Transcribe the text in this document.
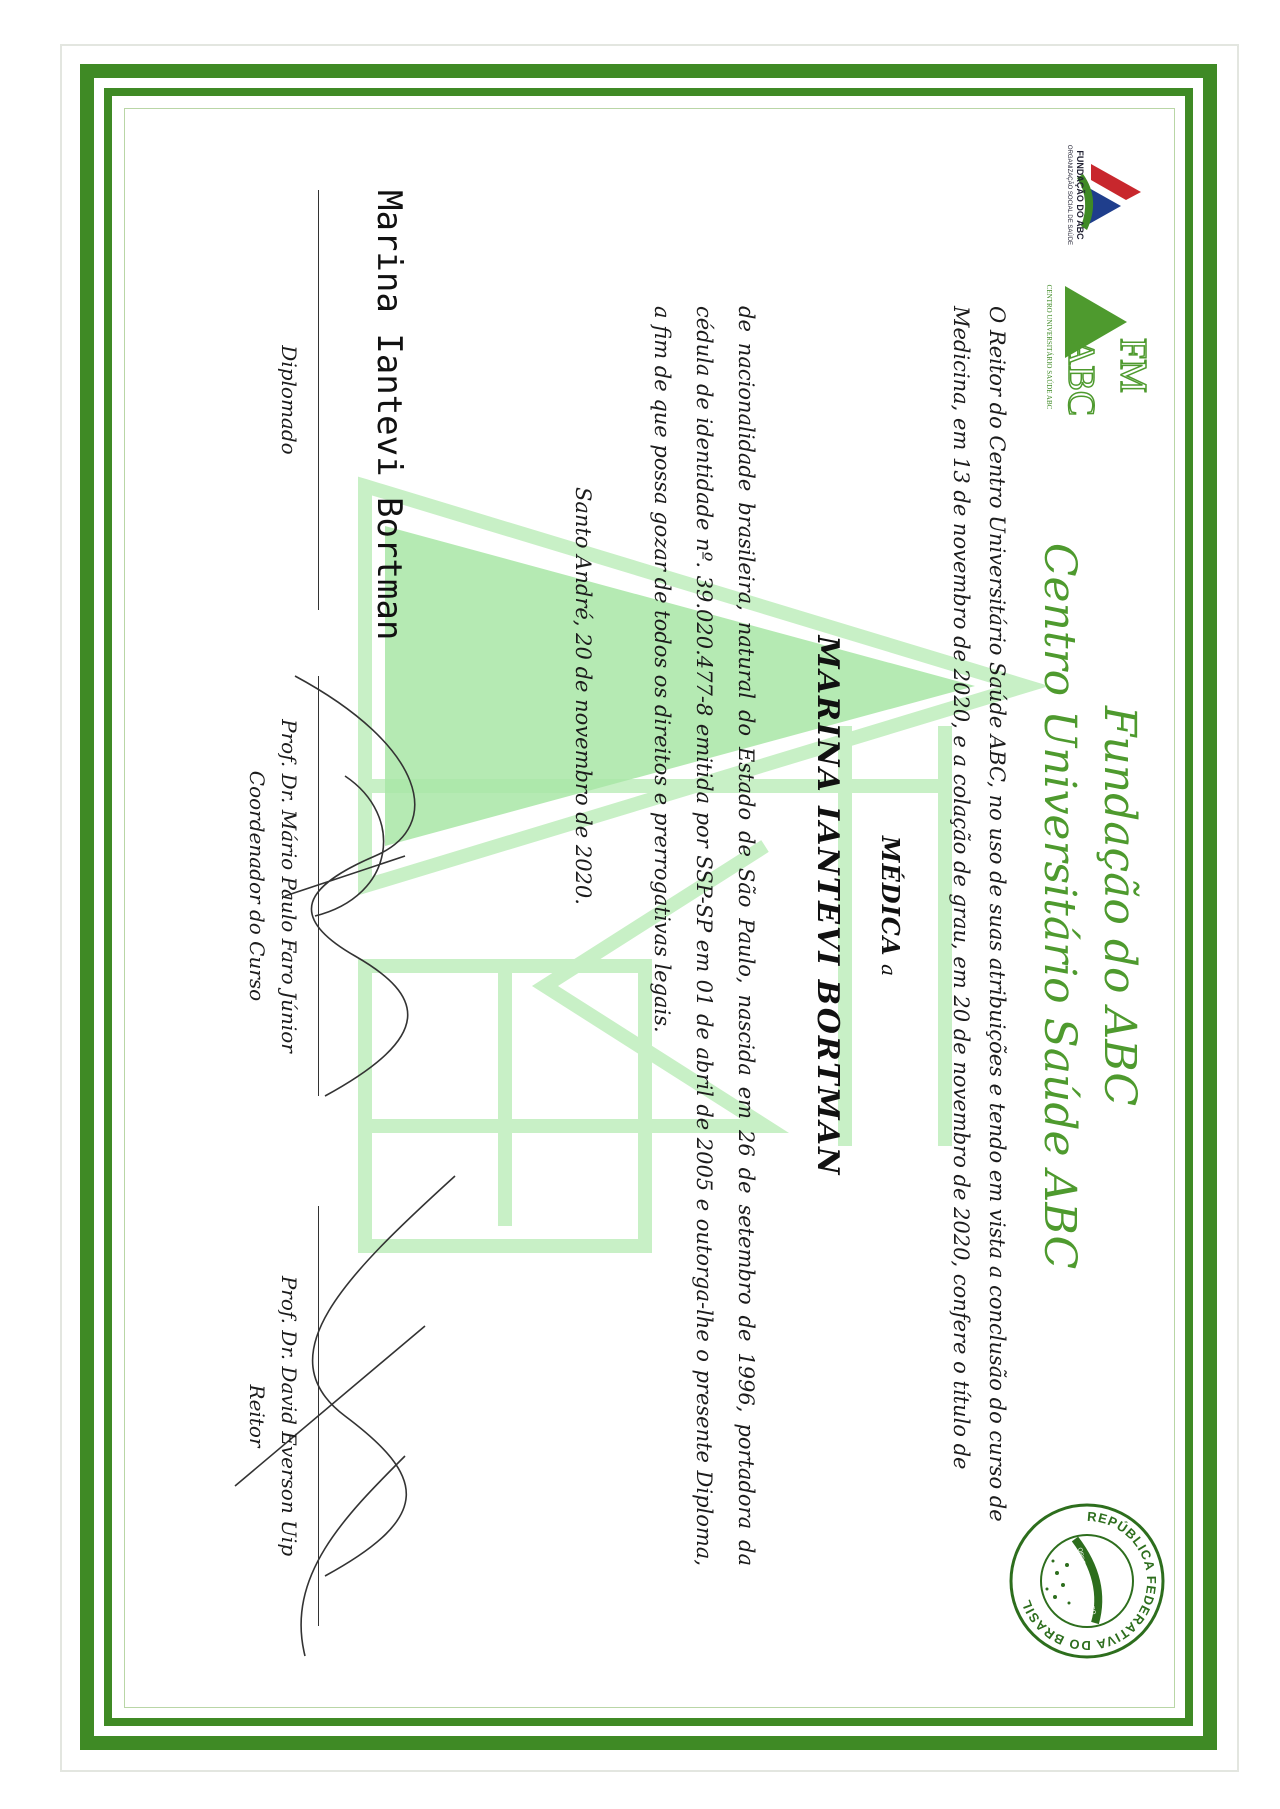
FUNDAÇÃO DO ABC
ORGANIZAÇÃO SOCIAL DE SAÚDE
FM
ABC
CENTRO UNIVERSITÁRIO SAÚDE ABC
Fundação do ABC
Centro Universitário Saúde ABC
O Reitor do Centro Universitário Saúde ABC, no uso de suas atribuições e tendo em vista a conclusão do curso de Medicina, em 13 de novembro de 2020, e a colação de grau, em 20 de novembro de 2020, confere o título de
MÉDICA a
MARINA IANTEVI BORTMAN
de nacionalidade brasileira, natural do Estado de São Paulo, nascida em 26 de setembro de 1996, portadora da cédula de identidade nº. 39.020.477-8 emitida por SSP-SP em 01 de abril de 2005 e outorga-lhe o presente Diploma, a fim de que possa gozar de todos os direitos e prerrogativas legais.
Santo André, 20 de novembro de 2020.
Marina Iantevi Bortman
Diplomado
Prof. Dr. Mário Paulo Faro Júnior
Coordenador do Curso
Prof. Dr. David Everson Uip
Reitor
REPÚBLICA FEDERATIVA DO BRASIL	ORDEM E PROGRESSO
